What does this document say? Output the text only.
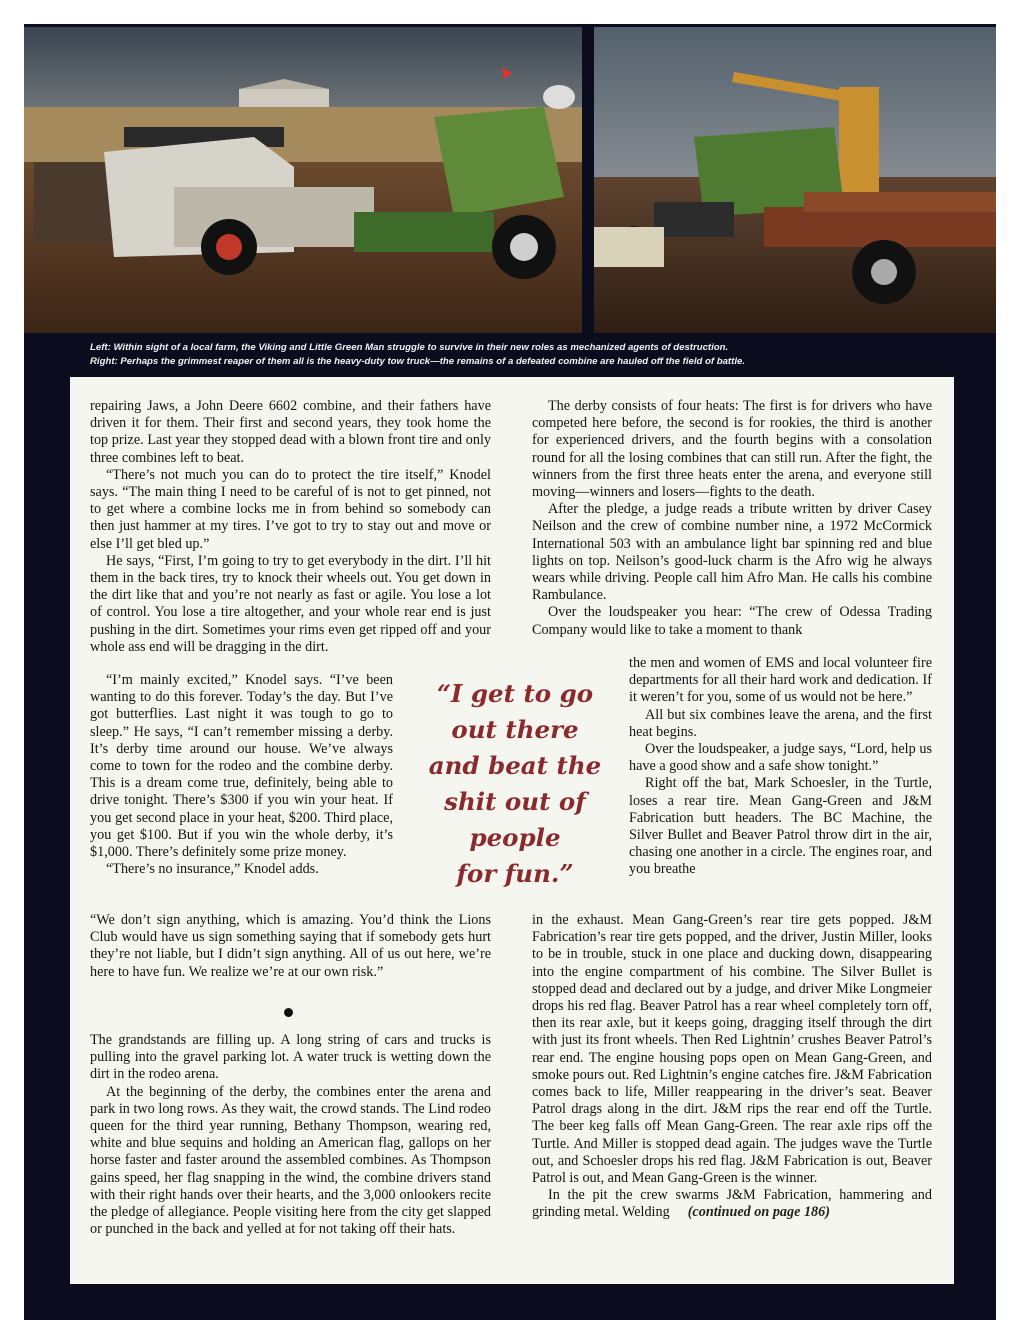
Left: Within sight of a local farm, the Viking and Little Green Man struggle to survive in their new roles as mechanized agents of destruction.

Right: Perhaps the grimmest reaper of them all is the heavy-duty tow truck—the remains of a defeated combine are hauled off the field of battle.

repairing Jaws, a John Deere 6602 combine, and their fathers have driven it for them. Their first and second years, they took home the top prize. Last year they stopped dead with a blown front tire and only three combines left to beat.

“There’s not much you can do to protect the tire itself,” Knodel says. “The main thing I need to be careful of is not to get pinned, not to get where a combine locks me in from behind so somebody can then just hammer at my tires. I’ve got to try to stay out and move or else I’ll get bled up.”

He says, “First, I’m going to try to get everybody in the dirt. I’ll hit them in the back tires, try to knock their wheels out. You get down in the dirt like that and you’re not nearly as fast or agile. You lose a lot of control. You lose a tire altogether, and your whole rear end is just pushing in the dirt. Sometimes your rims even get ripped off and your whole ass end will be dragging in the dirt.

“I’m mainly excited,” Knodel says. “I’ve been wanting to do this forever. Today’s the day. But I’ve got butterflies. Last night it was tough to go to sleep.” He says, “I can’t remember missing a derby. It’s derby time around our house. We’ve always come to town for the rodeo and the combine derby. This is a dream come true, definitely, being able to drive tonight. There’s $300 if you win your heat. If you get second place in your heat, $200. Third place, you get $100. But if you win the whole derby, it’s $1,000. There’s definitely some prize money.

“There’s no insurance,” Knodel adds.

“We don’t sign anything, which is amazing. You’d think the Lions Club would have us sign something saying that if somebody gets hurt they’re not liable, but I didn’t sign anything. All of us out here, we’re here to have fun. We realize we’re at our own risk.”

The grandstands are filling up. A long string of cars and trucks is pulling into the gravel parking lot. A water truck is wetting down the dirt in the rodeo arena.

At the beginning of the derby, the combines enter the arena and park in two long rows. As they wait, the crowd stands. The Lind rodeo queen for the third year running, Bethany Thompson, wearing red, white and blue sequins and holding an American flag, gallops on her horse faster and faster around the assembled combines. As Thompson gains speed, her flag snapping in the wind, the combine drivers stand with their right hands over their hearts, and the 3,000 onlookers recite the pledge of allegiance. People visiting here from the city get slapped or punched in the back and yelled at for not taking off their hats.

“I get to go
out there
and beat the
shit out of
people
for fun.”

The derby consists of four heats: The first is for drivers who have competed here before, the second is for rookies, the third is another for experienced drivers, and the fourth begins with a consolation round for all the losing combines that can still run. After the fight, the winners from the first three heats enter the arena, and everyone still moving—winners and losers—fights to the death.

After the pledge, a judge reads a tribute written by driver Casey Neilson and the crew of combine number nine, a 1972 McCormick International 503 with an ambulance light bar spinning red and blue lights on top. Neilson’s good-luck charm is the Afro wig he always wears while driving. People call him Afro Man. He calls his combine Rambulance.

Over the loudspeaker you hear: “The crew of Odessa Trading Company would like to take a moment to thank

the men and women of EMS and local volunteer fire departments for all their hard work and dedication. If it weren’t for you, some of us would not be here.”

All but six combines leave the arena, and the first heat begins.

Over the loudspeaker, a judge says, “Lord, help us have a good show and a safe show tonight.”

Right off the bat, Mark Schoesler, in the Turtle, loses a rear tire. Mean Gang-Green and J&M Fabrication butt headers. The BC Machine, the Silver Bullet and Beaver Patrol throw dirt in the air, chasing one another in a circle. The engines roar, and you breathe

in the exhaust. Mean Gang-Green’s rear tire gets popped. J&M Fabrication’s rear tire gets popped, and the driver, Justin Miller, looks to be in trouble, stuck in one place and ducking down, disappearing into the engine compartment of his combine. The Silver Bullet is stopped dead and declared out by a judge, and driver Mike Longmeier drops his red flag. Beaver Patrol has a rear wheel completely torn off, then its rear axle, but it keeps going, dragging itself through the dirt with just its front wheels. Then Red Lightnin’ crushes Beaver Patrol’s rear end. The engine housing pops open on Mean Gang-Green, and smoke pours out. Red Lightnin’s engine catches fire. J&M Fabrication comes back to life, Miller reappearing in the driver’s seat. Beaver Patrol drags along in the dirt. J&M rips the rear end off the Turtle. The beer keg falls off Mean Gang-Green. The rear axle rips off the Turtle. And Miller is stopped dead again. The judges wave the Turtle out, and Schoesler drops his red flag. J&M Fabrication is out, Beaver Patrol is out, and Mean Gang-Green is the winner.

In the pit the crew swarms J&M Fabrication, hammering and grinding metal. Welding (continued on page 186)
